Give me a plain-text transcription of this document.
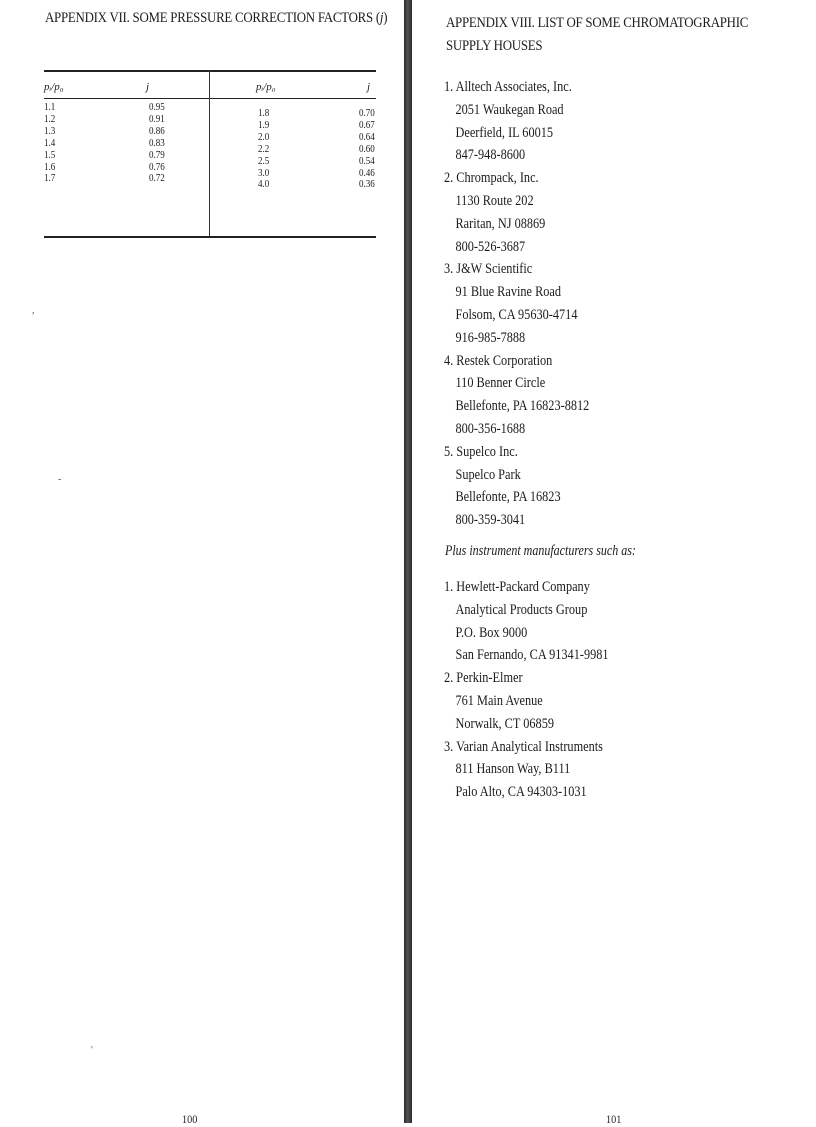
APPENDIX VII. SOME PRESSURE CORRECTION FACTORS (j)
pᵢ/p₀	j	pᵢ/p₀	j
1.1	0.95	1.8	0.70
1.2	0.91	1.9	0.67
1.3	0.86	2.0	0.64
1.4	0.83	2.2	0.60
1.5	0.79	2.5	0.54
1.6	0.76	3.0	0.46
1.7	0.72	4.0	0.36
,
-
'
100
APPENDIX VIII. LIST OF SOME CHROMATOGRAPHIC
SUPPLY HOUSES
1. Alltech Associates, Inc.
2051 Waukegan Road
Deerfield, IL 60015
847-948-8600
2. Chrompack, Inc.
1130 Route 202
Raritan, NJ 08869
800-526-3687
3. J&W Scientific
91 Blue Ravine Road
Folsom, CA 95630-4714
916-985-7888
4. Restek Corporation
110 Benner Circle
Bellefonte, PA 16823-8812
800-356-1688
5. Supelco Inc.
Supelco Park
Bellefonte, PA 16823
800-359-3041
Plus instrument manufacturers such as:
1. Hewlett-Packard Company
Analytical Products Group
P.O. Box 9000
San Fernando, CA 91341-9981
2. Perkin-Elmer
761 Main Avenue
Norwalk, CT 06859
3. Varian Analytical Instruments
811 Hanson Way, B111
Palo Alto, CA 94303-1031
101
